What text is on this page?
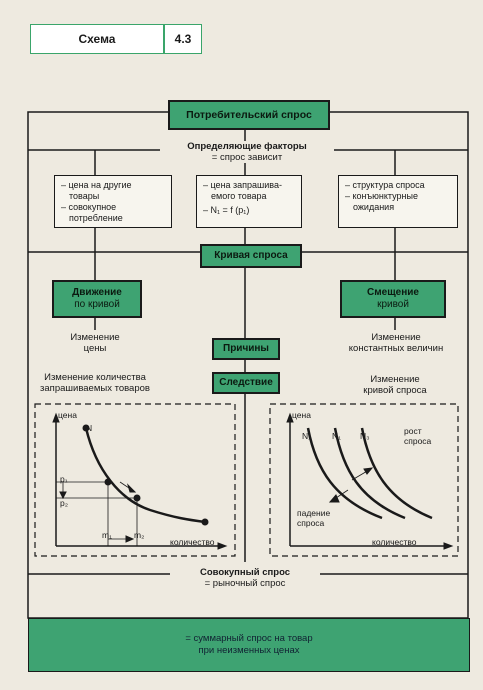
Схема	4.3
Потребительский спрос
Определяющие факторы
= спрос зависит
– цена на другие
товары
– совокупное
потребление
– цена запрашива-
емого товара
– N₁ = f (p₁)
– структура спроса
– конъюнктурные
ожидания
Кривая спроса
Движение
по кривой
Смещение
кривой
Изменение
цены
Изменение
константных величин
Причины
Следствие
Изменение количества
запрашиваемых товаров
Изменение
кривой спроса
цена
N
p₁
p₂
m₁	m₂
количество
цена
N₂ N₁ N₃	рост
спроса
падение
спроса
количество
Совокупный спрос
= рыночный спрос
= суммарный спрос на товар
при неизменных ценах
